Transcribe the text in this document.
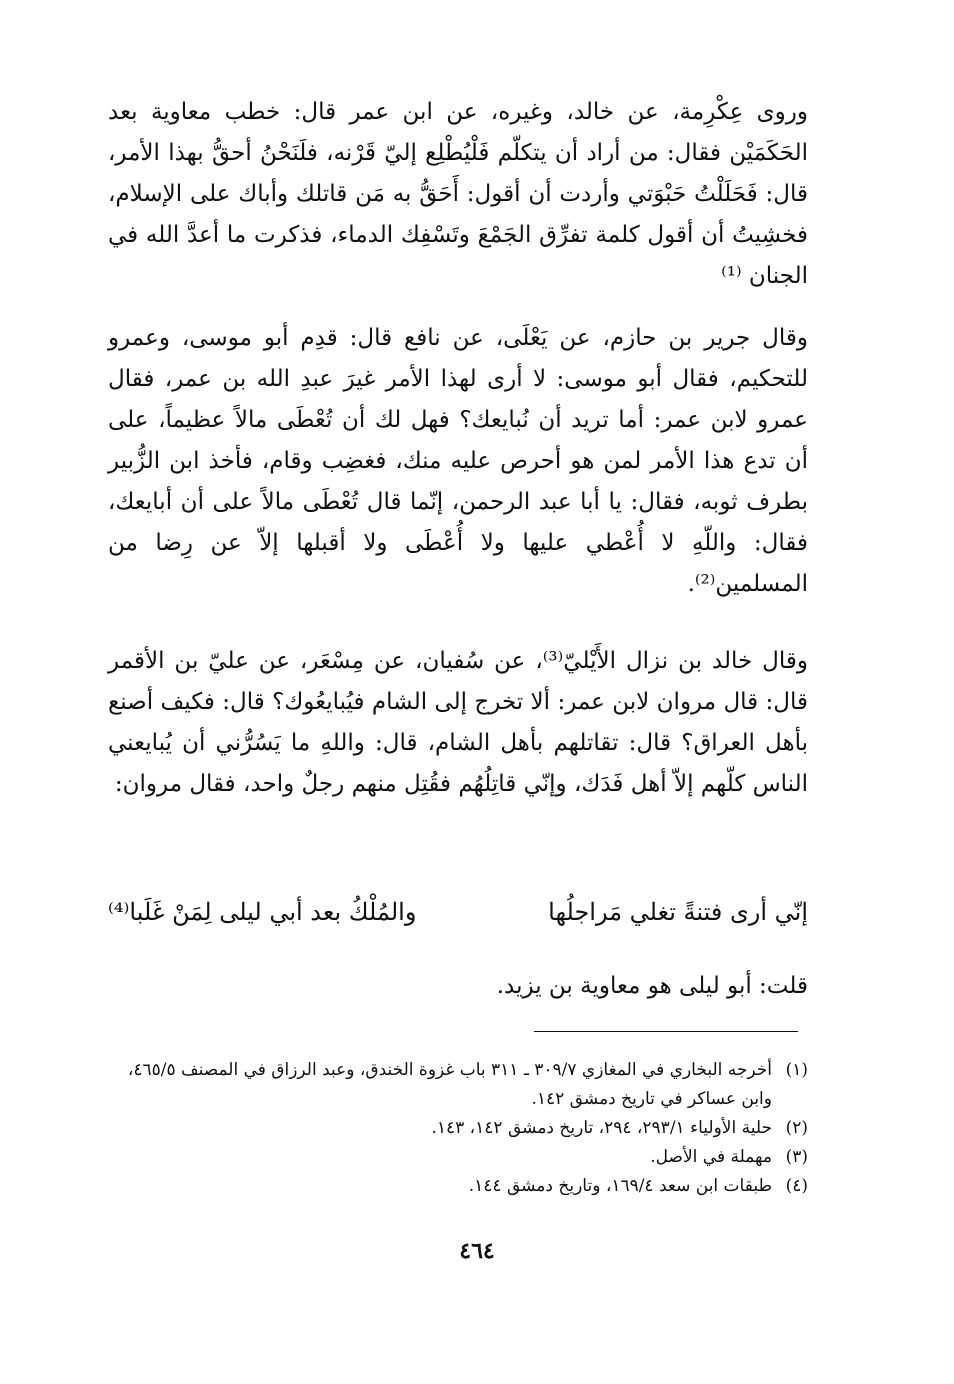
وروى عِكْرِمة، عن خالد، وغيره، عن ابن عمر قال: خطب معاوية بعد الحَكَمَيْن فقال: من أراد أن يتكلّم فَلْيُطْلِع إليّ قَرْنه، فلَنَحْنُ أحقُّ بهذا الأمر، قال: فَحَلَلْتُ حَبْوَتي وأردت أن أقول: أَحَقُّ به مَن قاتلك وأباك على الإسلام، فخشِيتُ أن أقول كلمة تفرِّق الجَمْعَ وتَسْفِك الدماء، فذكرت ما أعدَّ الله في الجنان ⁽¹⁾
وقال جرير بن حازم، عن يَعْلَى، عن نافع قال: قدِم أبو موسى، وعمرو للتحكيم، فقال أبو موسى: لا أرى لهذا الأمر غيرَ عبدِ الله بن عمر، فقال عمرو لابن عمر: أما تريد أن نُبايعك؟ فهل لك أن تُعْطَى مالاً عظيماً، على أن تدع هذا الأمر لمن هو أحرص عليه منك، فغضِب وقام، فأخذ ابن الزُّبير بطرف ثوبه، فقال: يا أبا عبد الرحمن، إنّما قال تُعْطَى مالاً على أن أبايعك، فقال: واللّهِ لا أُعْطي عليها ولا أُعْطَى ولا أقبلها إلاّ عن رِضا من المسلمين⁽²⁾.
وقال خالد بن نزال الأَيْليّ⁽³⁾، عن سُفيان، عن مِسْعَر، عن عليّ بن الأقمر قال: قال مروان لابن عمر: ألا تخرج إلى الشام فيُبايعُوك؟ قال: فكيف أصنع بأهل العراق؟ قال: تقاتلهم بأهل الشام، قال: واللهِ ما يَسُرُّني أن يُبايعني الناس كلّهم إلاّ أهل فَدَك، وإنّي قاتِلُهُم فقُتِل منهم رجلٌ واحد، فقال مروان:
إنّي أرى فتنةً تغلي مَراجلُها
والمُلْكُ بعد أبي ليلى لِمَنْ غَلَبا⁽⁴⁾
قلت: أبو ليلى هو معاوية بن يزيد.
(١)
أخرجه البخاري في المغازي ٣٠٩/٧ ـ ٣١١ باب غزوة الخندق، وعبد الرزاق في المصنف ٤٦٥/٥، وابن عساكر في تاريخ دمشق ١٤٢.
(٢)
حلية الأولياء ٢٩٣/١، ٢٩٤، تاريخ دمشق ١٤٢، ١٤٣.
(٣)
مهملة في الأصل.
(٤)
طبقات ابن سعد ١٦٩/٤، وتاريخ دمشق ١٤٤.
٤٦٤
